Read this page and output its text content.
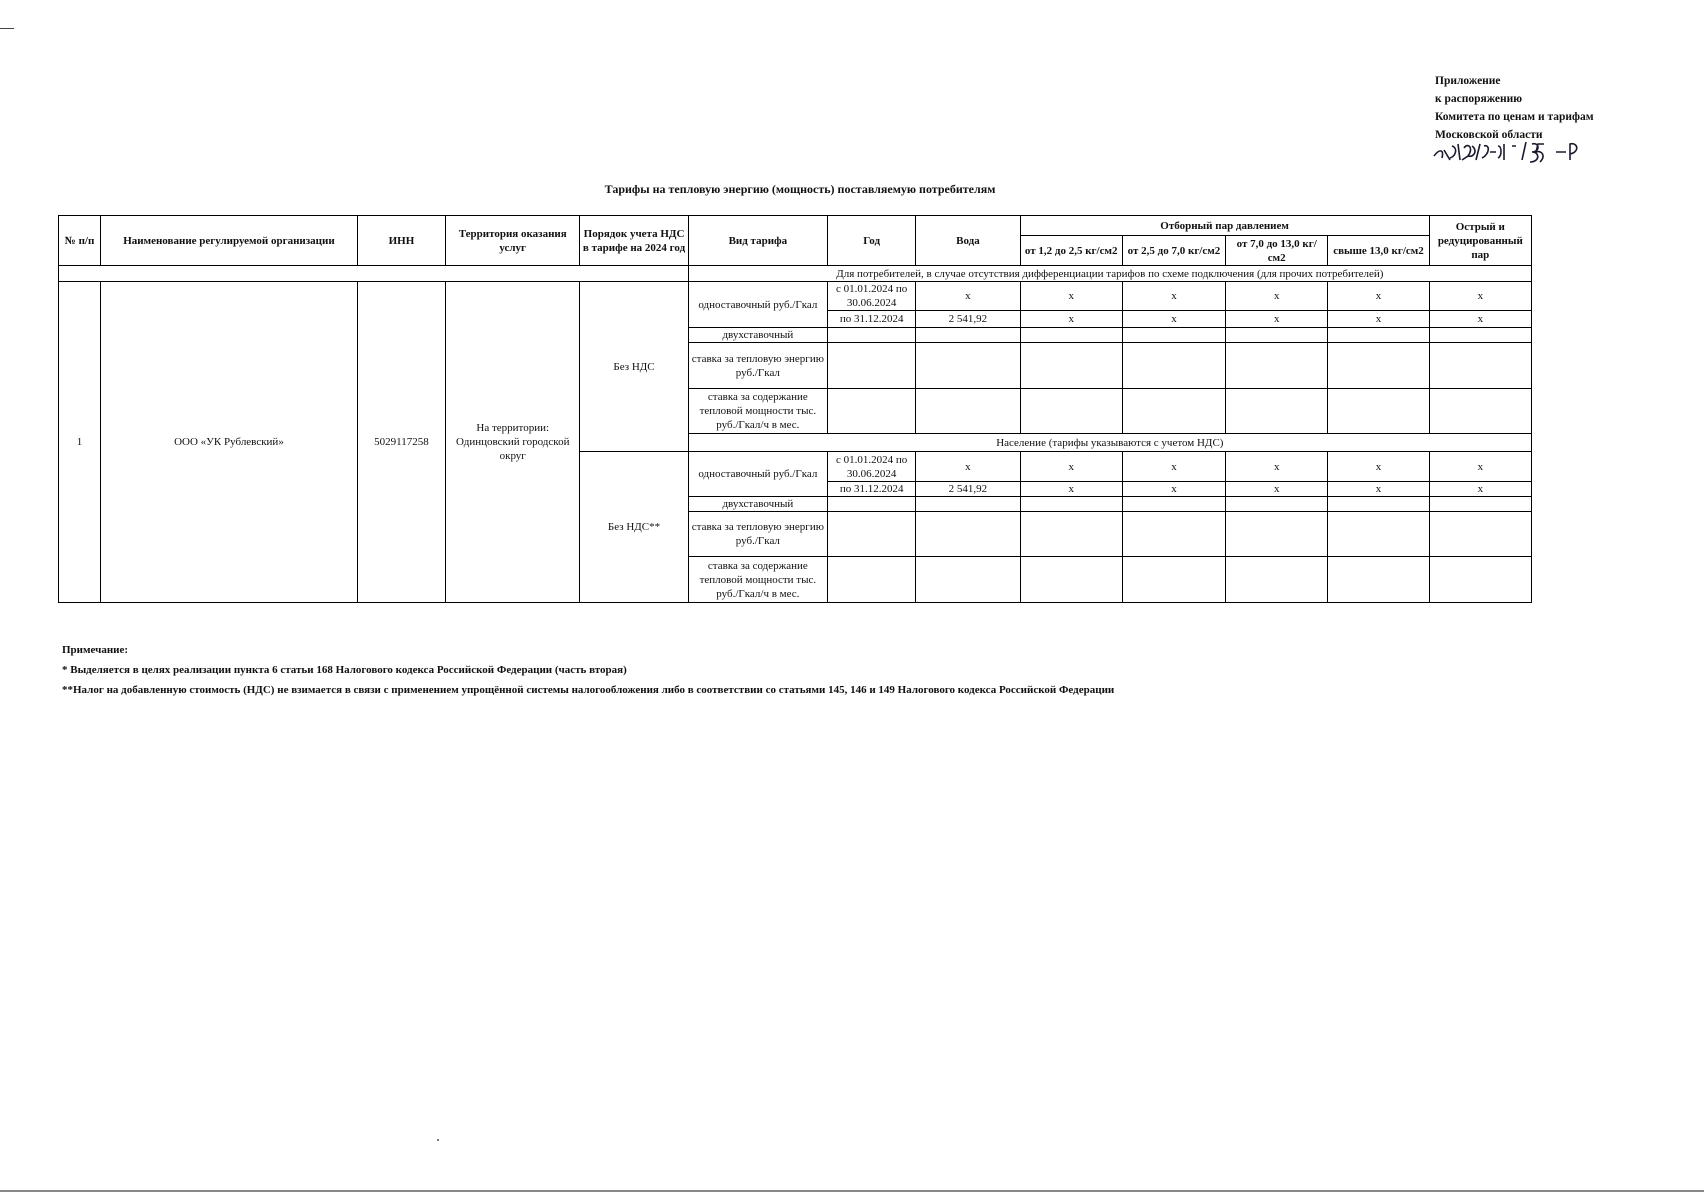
Приложение
к распоряжению
Комитета по ценам и тарифам
Московской области
Тарифы на тепловую энергию (мощность) поставляемую потребителям
№ п/п	Наименование регулируемой организации	ИНН	Территория оказания услуг	Порядок учета НДС в тарифе на 2024 год	Вид тарифа	Год	Вода	Отборный пар давлением				Острый и редуцированный пар
								от 1,2 до 2,5 кг/см2	от 2,5 до 7,0 кг/см2	от 7,0 до 13,0 кг/см2	свыше 13,0 кг/см2	
					Для потребителей, в случае отсутствия дифференциации тарифов по схеме подключения (для прочих потребителей)							
1	ООО «УК Рублевский»	5029117258	На территории: Одинцовский городской округ	Без НДС	одноставочный руб./Гкал	с 01.01.2024 по 30.06.2024	x	x	x	x	x	x
						по 31.12.2024	2 541,92	x	x	x	x	x
					двухставочный							
					ставка за тепловую энергию руб./Гкал							
					ставка за содержание тепловой мощности тыс. руб./Гкал/ч в мес.							
					Население (тарифы указываются с учетом НДС)							
				Без НДС**	одноставочный руб./Гкал	с 01.01.2024 по 30.06.2024	x	x	x	x	x	x
						по 31.12.2024	2 541,92	x	x	x	x	x
					двухставочный							
					ставка за тепловую энергию руб./Гкал							
					ставка за содержание тепловой мощности тыс. руб./Гкал/ч в мес.							
Примечание:
* Выделяется в целях реализации пункта 6 статьи 168 Налогового кодекса Российской Федерации (часть вторая)
**Налог на добавленную стоимость (НДС) не взимается в связи с применением упрощённой системы налогообложения либо в соответствии со статьями 145, 146 и 149 Налогового кодекса Российской Федерации
